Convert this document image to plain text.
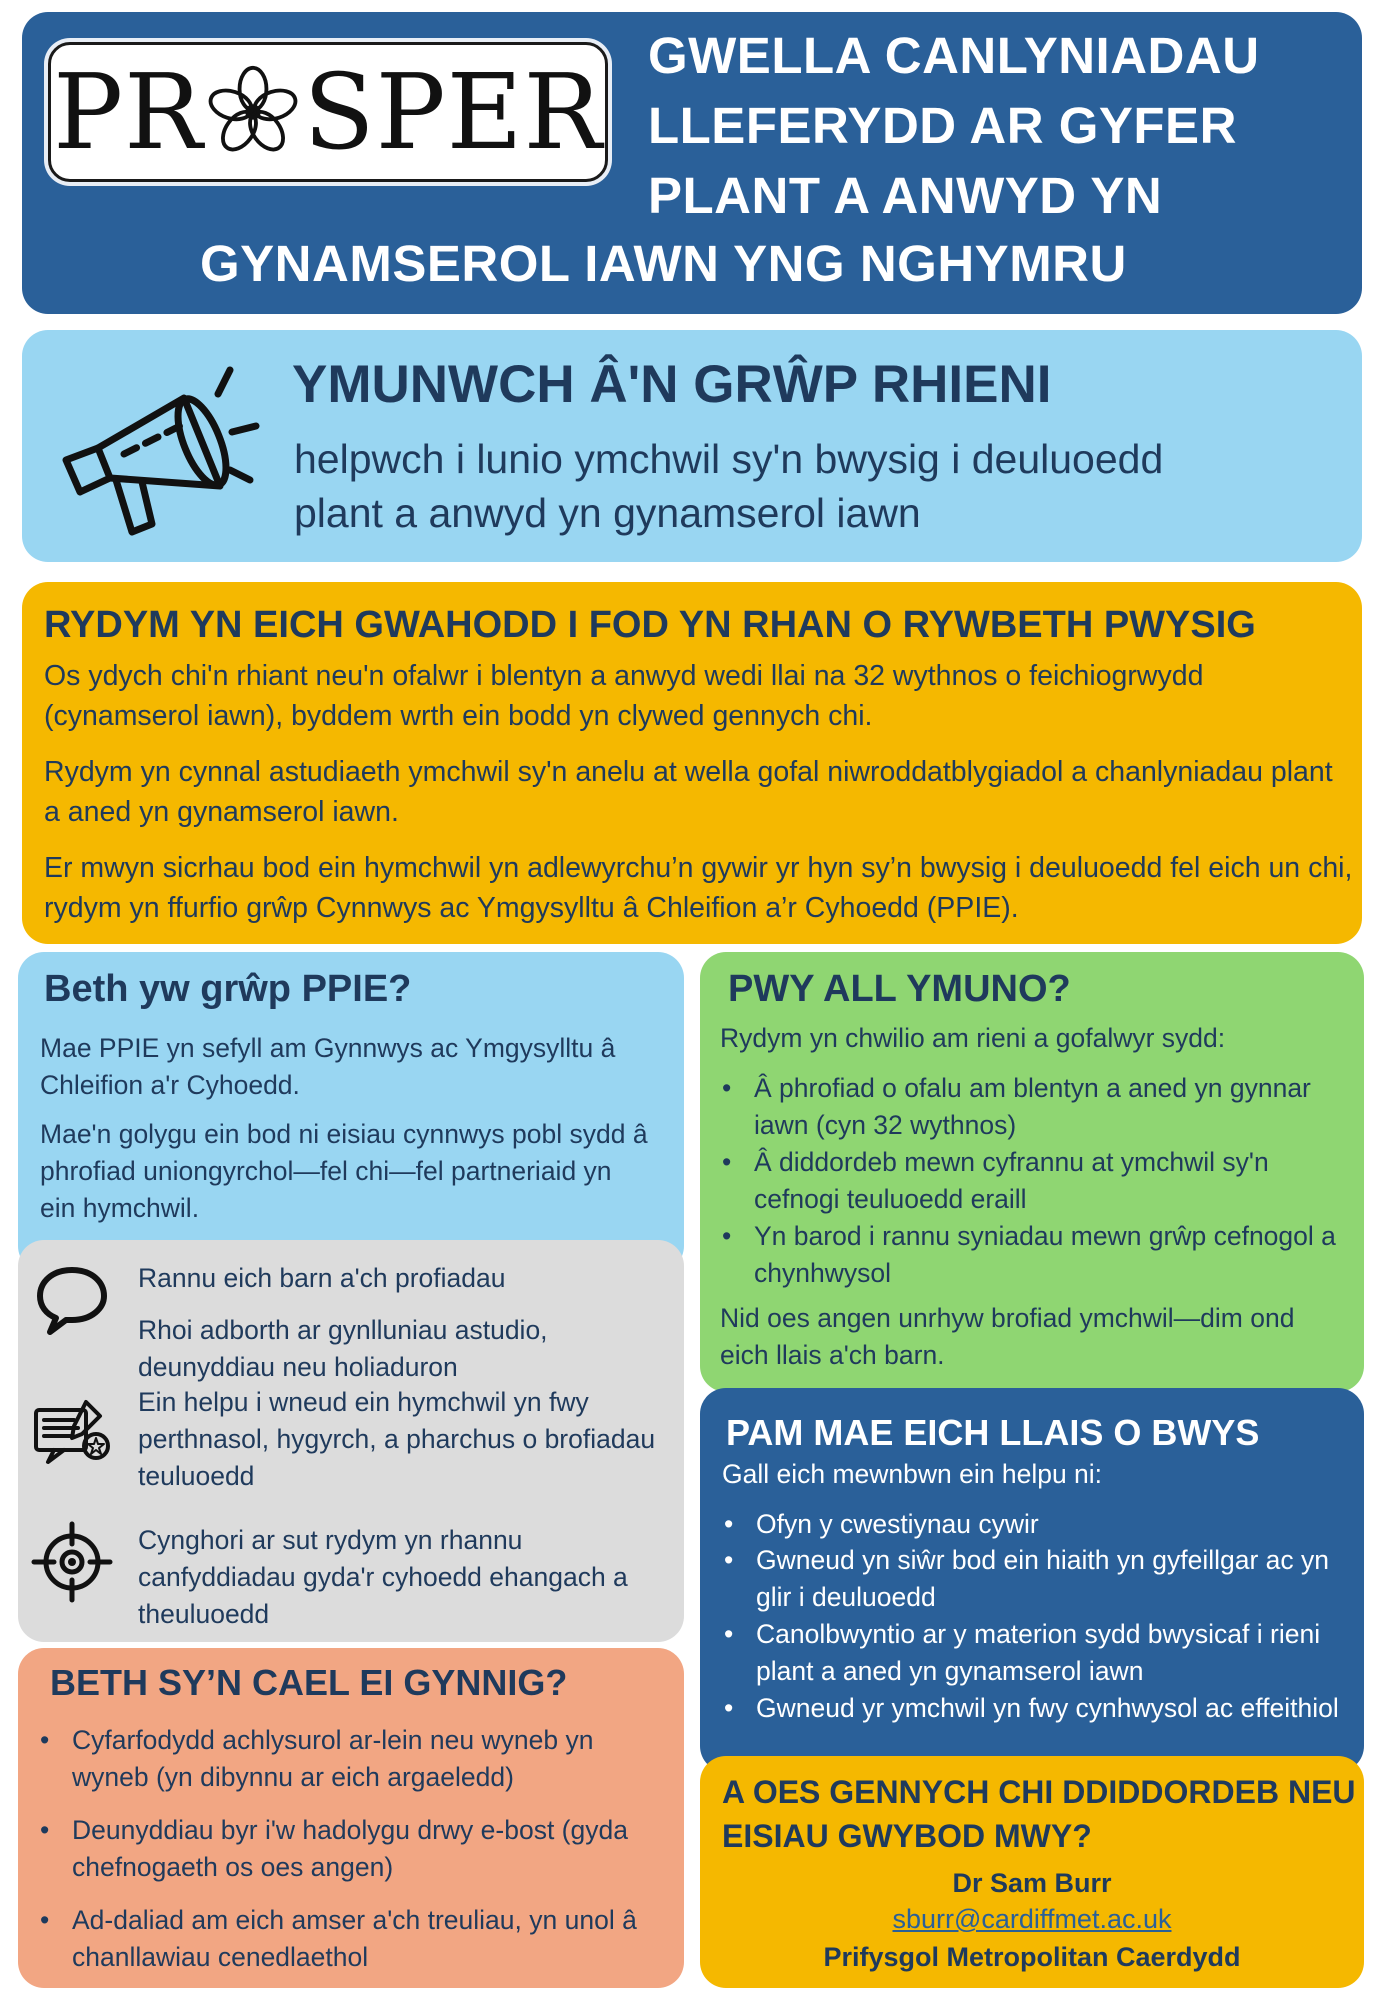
PR SPER GWELLA CANLYNIADAU
LLEFERYDD AR GYFER
PLANT A ANWYD YN
GYNAMSEROL IAWN YNG NGHYMRU
YMUNWCH Â'N GRŴP RHIENI
helpwch i lunio ymchwil sy'n bwysig i deuluoedd
plant a anwyd yn gynamserol iawn
RYDYM YN EICH GWAHODD I FOD YN RHAN O RYWBETH PWYSIG
Os ydych chi'n rhiant neu'n ofalwr i blentyn a anwyd wedi llai na 32 wythnos o feichiogrwydd (cynamserol iawn), byddem wrth ein bodd yn clywed gennych chi.
Rydym yn cynnal astudiaeth ymchwil sy'n anelu at wella gofal niwroddatblygiadol a chanlyniadau plant a aned yn gynamserol iawn.
Er mwyn sicrhau bod ein hymchwil yn adlewyrchu’n gywir yr hyn sy’n bwysig i deuluoedd fel eich un chi, rydym yn ffurfio grŵp Cynnwys ac Ymgysylltu â Chleifion a’r Cyhoedd (PPIE).
Beth yw grŵp PPIE?
Mae PPIE yn sefyll am Gynnwys ac Ymgysylltu â Chleifion a'r Cyhoedd.
Mae'n golygu ein bod ni eisiau cynnwys pobl sydd â phrofiad uniongyrchol—fel chi—fel partneriaid yn ein hymchwil.
Rannu eich barn a'ch profiadau
Rhoi adborth ar gynlluniau astudio, deunyddiau neu holiaduron
Ein helpu i wneud ein hymchwil yn fwy perthnasol, hygyrch, a pharchus o brofiadau teuluoedd
Cynghori ar sut rydym yn rhannu canfyddiadau gyda'r cyhoedd ehangach a theuluoedd
BETH SY’N CAEL EI GYNNIG?
• Cyfarfodydd achlysurol ar-lein neu wyneb yn wyneb (yn dibynnu ar eich argaeledd)
• Deunyddiau byr i'w hadolygu drwy e-bost (gyda chefnogaeth os oes angen)
• Ad-daliad am eich amser a'ch treuliau, yn unol â chanllawiau cenedlaethol
PWY ALL YMUNO?
Rydym yn chwilio am rieni a gofalwyr sydd:
• Â phrofiad o ofalu am blentyn a aned yn gynnar iawn (cyn 32 wythnos)
• Â diddordeb mewn cyfrannu at ymchwil sy'n cefnogi teuluoedd eraill
• Yn barod i rannu syniadau mewn grŵp cefnogol a chynhwysol
Nid oes angen unrhyw brofiad ymchwil—dim ond eich llais a'ch barn.
PAM MAE EICH LLAIS O BWYS
Gall eich mewnbwn ein helpu ni:
• Ofyn y cwestiynau cywir
• Gwneud yn siŵr bod ein hiaith yn gyfeillgar ac yn glir i deuluoedd
• Canolbwyntio ar y materion sydd bwysicaf i rieni plant a aned yn gynamserol iawn
• Gwneud yr ymchwil yn fwy cynhwysol ac effeithiol
A OES GENNYCH CHI DDIDDORDEB NEU EISIAU GWYBOD MWY?
Dr Sam Burr
sburr@cardiffmet.ac.uk
Prifysgol Metropolitan Caerdydd
